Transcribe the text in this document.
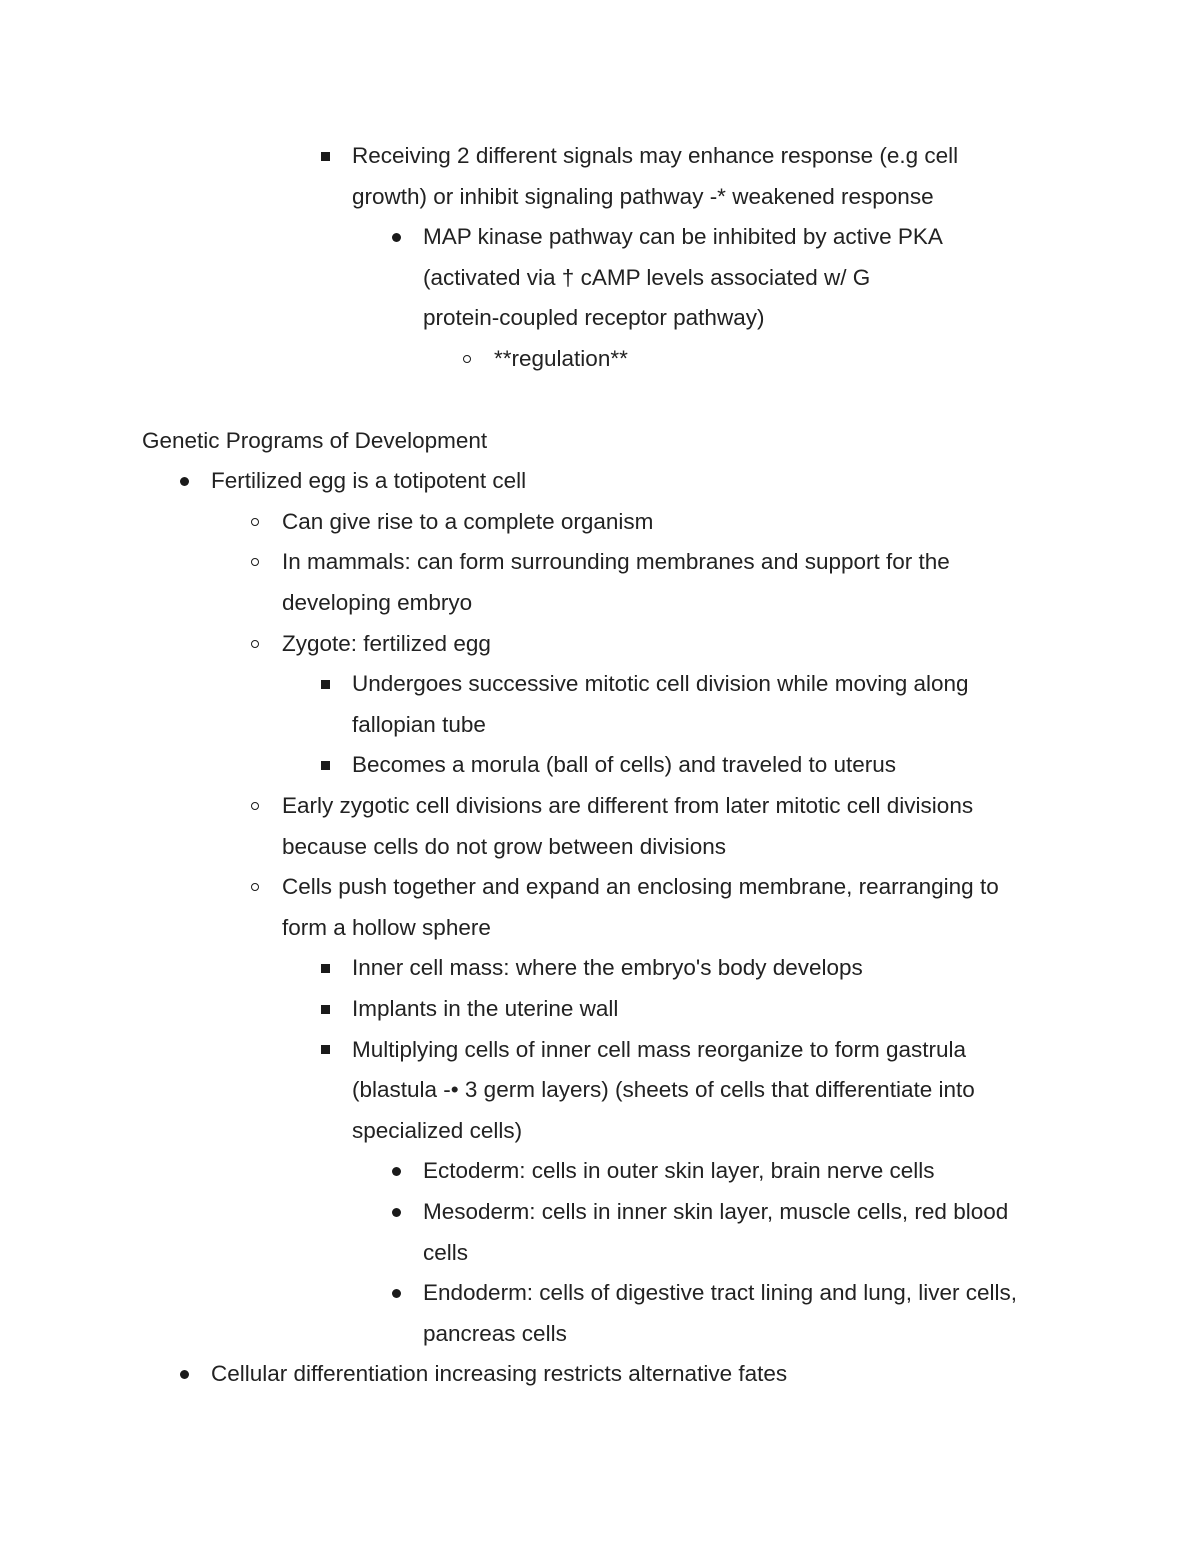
Receiving 2 different signals may enhance response (e.g cell
growth) or inhibit signaling pathway -* weakened response
MAP kinase pathway can be inhibited by active PKA
(activated via † cAMP levels associated w/ G
protein-coupled receptor pathway)
**regulation**
Genetic Programs of Development
Fertilized egg is a totipotent cell
Can give rise to a complete organism
In mammals: can form surrounding membranes and support for the
developing embryo
Zygote: fertilized egg
Undergoes successive mitotic cell division while moving along
fallopian tube
Becomes a morula (ball of cells) and traveled to uterus
Early zygotic cell divisions are different from later mitotic cell divisions
because cells do not grow between divisions
Cells push together and expand an enclosing membrane, rearranging to
form a hollow sphere
Inner cell mass: where the embryo's body develops
Implants in the uterine wall
Multiplying cells of inner cell mass reorganize to form gastrula
(blastula -• 3 germ layers) (sheets of cells that differentiate into
specialized cells)
Ectoderm: cells in outer skin layer, brain nerve cells
Mesoderm: cells in inner skin layer, muscle cells, red blood
cells
Endoderm: cells of digestive tract lining and lung, liver cells,
pancreas cells
Cellular differentiation increasing restricts alternative fates
